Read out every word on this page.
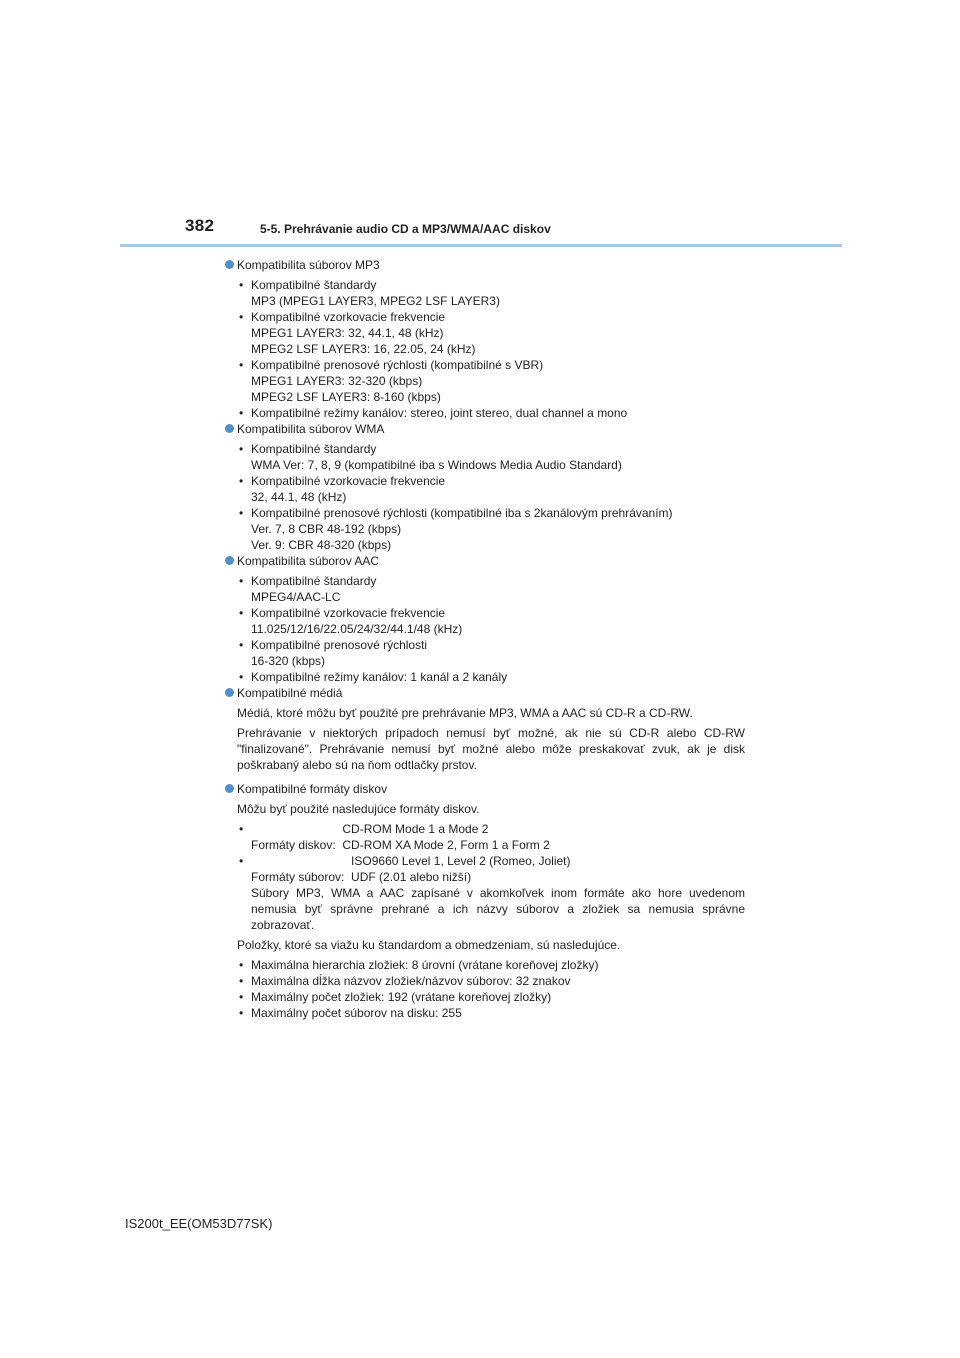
382	5-5. Prehrávanie audio CD a MP3/WMA/AAC diskov
Kompatibilita súborov MP3
• Kompatibilné štandardy
MP3 (MPEG1 LAYER3, MPEG2 LSF LAYER3)
• Kompatibilné vzorkovacie frekvencie
MPEG1 LAYER3: 32, 44.1, 48 (kHz)
MPEG2 LSF LAYER3: 16, 22.05, 24 (kHz)
• Kompatibilné prenosové rýchlosti (kompatibilné s VBR)
MPEG1 LAYER3: 32-320 (kbps)
MPEG2 LSF LAYER3: 8-160 (kbps)
• Kompatibilné režimy kanálov: stereo, joint stereo, dual channel a mono
Kompatibilita súborov WMA
• Kompatibilné štandardy
WMA Ver: 7, 8, 9 (kompatibilné iba s Windows Media Audio Standard)
• Kompatibilné vzorkovacie frekvencie
32, 44.1, 48 (kHz)
• Kompatibilné prenosové rýchlosti (kompatibilné iba s 2kanálovým prehrávaním)
Ver. 7, 8 CBR 48-192 (kbps)
Ver. 9: CBR 48-320 (kbps)
Kompatibilita súborov AAC
• Kompatibilné štandardy
MPEG4/AAC-LC
• Kompatibilné vzorkovacie frekvencie
11.025/12/16/22.05/24/32/44.1/48 (kHz)
• Kompatibilné prenosové rýchlosti
16-320 (kbps)
• Kompatibilné režimy kanálov: 1 kanál a 2 kanály
Kompatibilné médiá

Médiá, ktoré môžu byť použité pre prehrávanie MP3, WMA a AAC sú CD-R a CD-RW.

Prehrávanie v niektorých prípadoch nemusí byť možné, ak nie sú CD-R alebo CD-RW "finalizované". Prehrávanie nemusí byť možné alebo môže preskakovať zvuk, ak je disk poškrabaný alebo sú na ňom odtlačky prstov.

Kompatibilné formáty diskov

Môžu byť použité nasledujúce formáty diskov.

•
Formáty diskov:
CD-ROM Mode 1 a Mode 2
CD-ROM XA Mode 2, Form 1 a Form 2
•
Formáty súborov:
ISO9660 Level 1, Level 2 (Romeo, Joliet)
UDF (2.01 alebo nižší)
Súbory MP3, WMA a AAC zapísané v akomkoľvek inom formáte ako hore uvedenom nemusia byť správne prehrané a ich názvy súborov a zložiek sa nemusia správne zobrazovať.

Položky, ktoré sa viažu ku štandardom a obmedzeniam, sú nasledujúce.

• Maximálna hierarchia zložiek: 8 úrovní (vrátane koreňovej zložky)
• Maximálna dĺžka názvov zložiek/názvov súborov: 32 znakov
• Maximálny počet zložiek: 192 (vrátane koreňovej zložky)
• Maximálny počet súborov na disku: 255
IS200t_EE(OM53D77SK)
